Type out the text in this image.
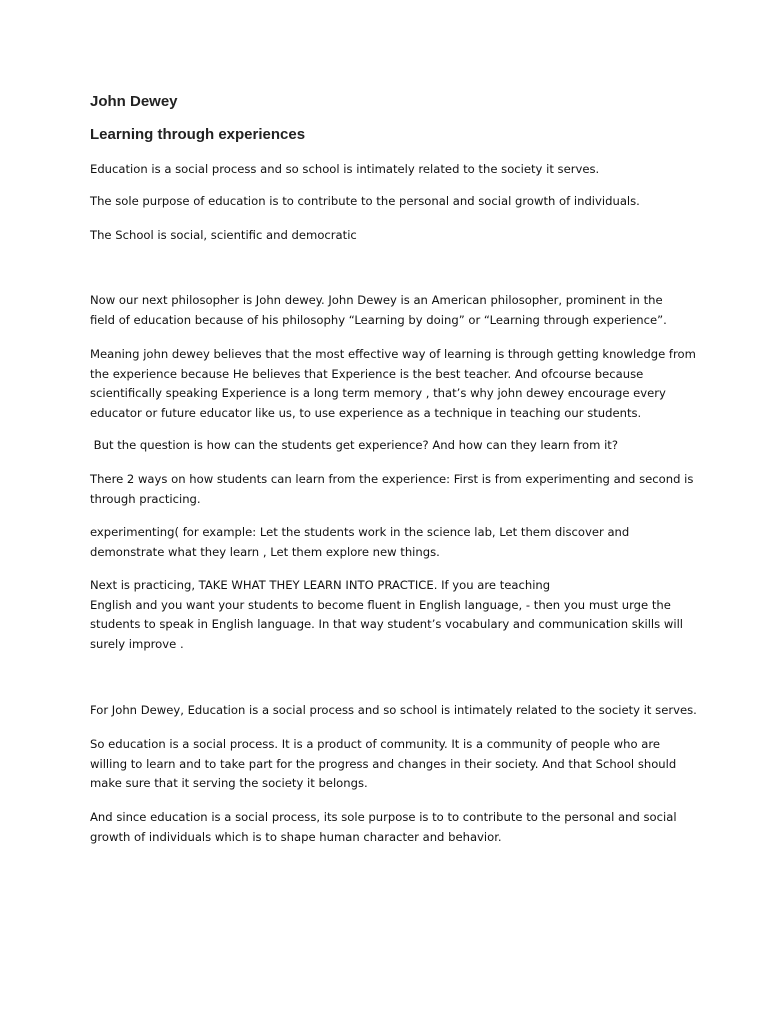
John Dewey
Learning through experiences

Education is a social process and so school is intimately related to the society it serves.

The sole purpose of education is to contribute to the personal and social growth of individuals.

The School is social, scientific and democratic

Now our next philosopher is John dewey. John Dewey is an American philosopher, prominent in the
field of education because of his philosophy “Learning by doing” or “Learning through experience”.

Meaning john dewey believes that the most effective way of learning is through getting knowledge from
the experience because He believes that Experience is the best teacher. And ofcourse because
scientifically speaking Experience is a long term memory , that’s why john dewey encourage every
educator or future educator like us, to use experience as a technique in teaching our students.

But the question is how can the students get experience? And how can they learn from it?

There 2 ways on how students can learn from the experience: First is from experimenting and second is
through practicing.

experimenting( for example: Let the students work in the science lab, Let them discover and
demonstrate what they learn , Let them explore new things.

Next is practicing, TAKE WHAT THEY LEARN INTO PRACTICE. If you are teaching
English and you want your students to become fluent in English language, - then you must urge the
students to speak in English language. In that way student’s vocabulary and communication skills will
surely improve .

For John Dewey, Education is a social process and so school is intimately related to the society it serves.

So education is a social process. It is a product of community. It is a community of people who are
willing to learn and to take part for the progress and changes in their society. And that School should
make sure that it serving the society it belongs.

And since education is a social process, its sole purpose is to to contribute to the personal and social
growth of individuals which is to shape human character and behavior.
